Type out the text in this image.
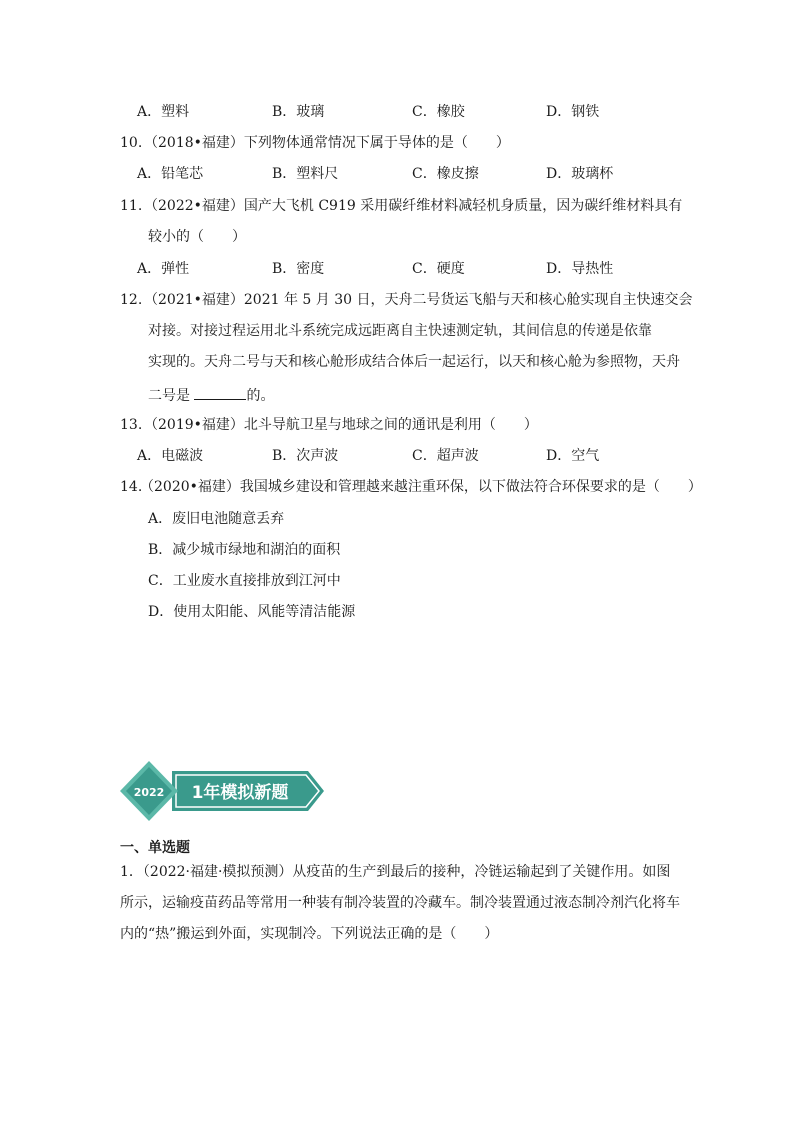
A．塑料	B．玻璃	C．橡胶	D．钢铁
10. （2018•福建）下列物体通常情况下属于导体的是（　　）
A．铅笔芯	B．塑料尺	C．橡皮擦	D．玻璃杯
11. （2022•福建）国产大飞机 C919 采用碳纤维材料减轻机身质量，因为碳纤维材料具有
较小的（　　）
A．弹性	B．密度	C．硬度	D．导热性
12. （2021•福建）2021 年 5 月 30 日，天舟二号货运飞船与天和核心舱实现自主快速交会
对接。对接过程运用北斗系统完成远距离自主快速测定轨，其间信息的传递是依靠
实现的。天舟二号与天和核心舱形成结合体后一起运行，以天和核心舱为参照物，天舟
二号是	的。
13. （2019•福建）北斗导航卫星与地球之间的通讯是利用（　　）
A．电磁波	B．次声波	C．超声波	D．空气
14.
（2020•福建）我国城乡建设和管理越来越注重环保，以下做法符合环保要求的是（　　）
A．废旧电池随意丢弃
B．减少城市绿地和湖泊的面积
C．工业废水直接排放到江河中
D．使用太阳能、风能等清洁能源
2022 1年模拟新题
一、单选题
1．（2022·福建·模拟预测）从疫苗的生产到最后的接种，冷链运输起到了关键作用。如图
所示，运输疫苗药品等常用一种装有制冷装置的冷藏车。制冷装置通过液态制冷剂汽化将车
内的“热”搬运到外面，实现制冷。下列说法正确的是（　　）
